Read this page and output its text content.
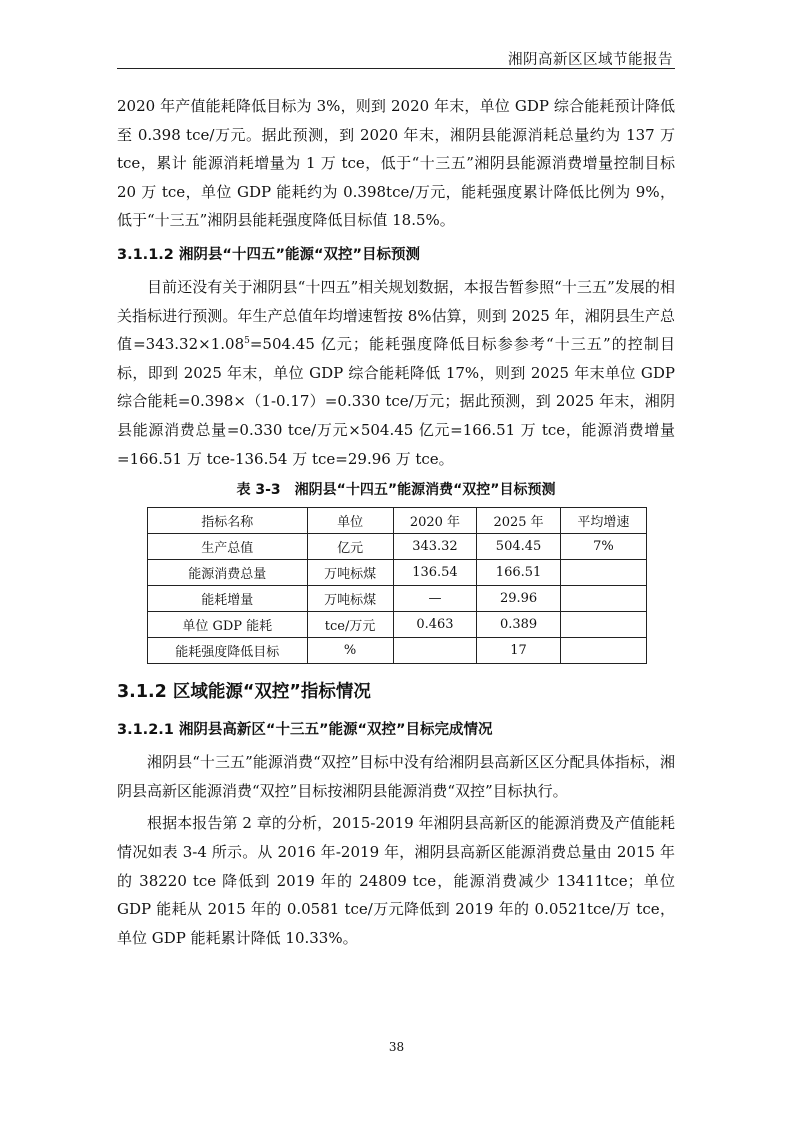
湘阴高新区区域节能报告

2020 年产值能耗降低目标为 3%，则到 2020 年末，单位 GDP 综合能耗预计降低至 0.398 tce/万元。据此预测，到 2020 年末，湘阴县能源消耗总量约为 137 万 tce，累计 能源消耗增量为 1 万 tce，低于“十三五”湘阴县能源消费增量控制目标 20 万 tce，单位 GDP 能耗约为 0.398tce/万元，能耗强度累计降低比例为 9%，低于“十三五”湘阴县能耗强度降低目标值 18.5%。

3.1.1.2 湘阴县“十四五”能源“双控”目标预测

目前还没有关于湘阴县“十四五”相关规划数据，本报告暂参照“十三五”发展的相关指标进行预测。年生产总值年均增速暂按 8%估算，则到 2025 年，湘阴县生产总值$=343.32\times 1.08^5=504.45$ 亿元；能耗强度降低目标参参考“十三五”的控制目标，即到 2025 年末，单位 GDP 综合能耗降低 17%，则到 2025 年末单位 GDP 综合能耗=0.398×（1-0.17）=0.330 tce/万元；据此预测，到 2025 年末，湘阴县能源消费总量=0.330 tce/万元×504.45 亿元=166.51 万 tce，能源消费增量=166.51 万 tce-136.54 万 tce=29.96 万 tce。

表 3-3　湘阴县“十四五”能源消费“双控”目标预测
指标名称	单位	2020 年	2025 年	平均增速
生产总值	亿元	343.32	504.45	7%
能源消费总量	万吨标煤	136.54	166.51	
能耗增量	万吨标煤	—	29.96	
单位 GDP 能耗	tce/万元	0.463	0.389	
能耗强度降低目标	%		17	
3.1.2 区域能源“双控”指标情况
3.1.2.1 湘阴县高新区“十三五”能源“双控”目标完成情况

湘阴县“十三五”能源消费“双控”目标中没有给湘阴县高新区区分配具体指标，湘阴县高新区能源消费“双控”目标按湘阴县能源消费“双控”目标执行。

根据本报告第 2 章的分析，2015-2019 年湘阴县高新区的能源消费及产值能耗情况如表 3-4 所示。从 2016 年-2019 年，湘阴县高新区能源消费总量由 2015 年的 38220 tce 降低到 2019 年的 24809 tce，能源消费减少 13411tce；单位 GDP 能耗从 2015 年的 0.0581 tce/万元降低到 2019 年的 0.0521tce/万 tce，单位 GDP 能耗累计降低 10.33%。

38
